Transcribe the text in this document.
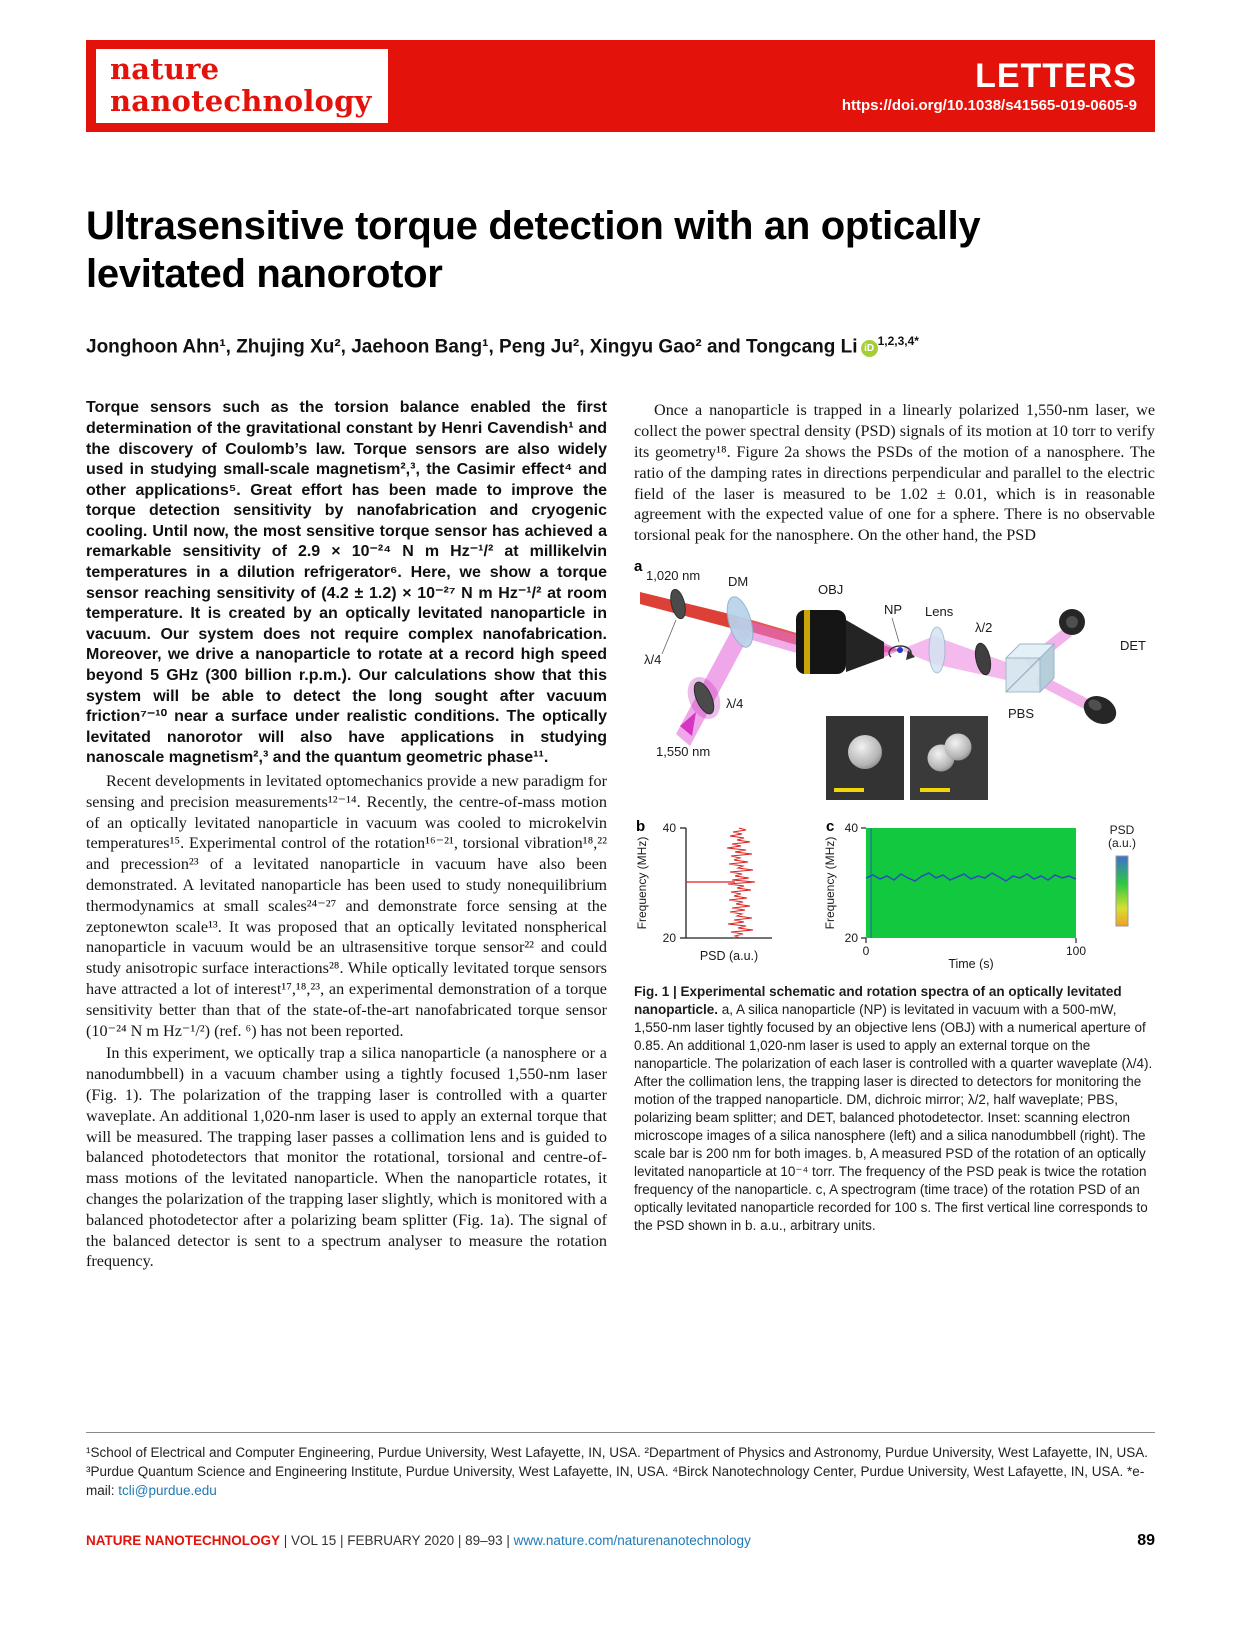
nature
nanotechnology
LETTERS
https://doi.org/10.1038/s41565-019-0605-9
Ultrasensitive torque detection with an optically levitated nanorotor
Jonghoon Ahn¹, Zhujing Xu², Jaehoon Bang¹, Peng Ju², Xingyu Gao² and Tongcang Li $iD^{1,2,3,4*}$

Torque sensors such as the torsion balance enabled the first determination of the gravitational constant by Henri Cavendish¹ and the discovery of Coulomb’s law. Torque sensors are also widely used in studying small-scale magnetism²,³, the Casimir effect⁴ and other applications⁵. Great effort has been made to improve the torque detection sensitivity by nanofabrication and cryogenic cooling. Until now, the most sensitive torque sensor has achieved a remarkable sensitivity of 2.9 × 10⁻²⁴ N m Hz⁻¹/² at millikelvin temperatures in a dilution refrigerator⁶. Here, we show a torque sensor reaching sensitivity of (4.2 ± 1.2) × 10⁻²⁷ N m Hz⁻¹/² at room temperature. It is created by an optically levitated nanoparticle in vacuum. Our system does not require complex nanofabrication. Moreover, we drive a nanoparticle to rotate at a record high speed beyond 5 GHz (300 billion r.p.m.). Our calculations show that this system will be able to detect the long sought after vacuum friction⁷⁻¹⁰ near a surface under realistic conditions. The optically levitated nanorotor will also have applications in studying nanoscale magnetism²,³ and the quantum geometric phase¹¹.

Recent developments in levitated optomechanics provide a new paradigm for sensing and precision measurements¹²⁻¹⁴. Recently, the centre-of-mass motion of an optically levitated nanoparticle in vacuum was cooled to microkelvin temperatures¹⁵. Experimental control of the rotation¹⁶⁻²¹, torsional vibration¹⁸,²² and precession²³ of a levitated nanoparticle in vacuum have also been demonstrated. A levitated nanoparticle has been used to study nonequilibrium thermodynamics at small scales²⁴⁻²⁷ and demonstrate force sensing at the zeptonewton scale¹³. It was proposed that an optically levitated nonspherical nanoparticle in vacuum would be an ultrasensitive torque sensor²² and could study anisotropic surface interactions²⁸. While optically levitated torque sensors have attracted a lot of interest¹⁷,¹⁸,²³, an experimental demonstration of a torque sensitivity better than that of the state-of-the-art nanofabricated torque sensor (10⁻²⁴ N m Hz⁻¹/²) (ref. ⁶) has not been reported.

In this experiment, we optically trap a silica nanoparticle (a nanosphere or a nanodumbbell) in a vacuum chamber using a tightly focused 1,550-nm laser (Fig. 1). The polarization of the trapping laser is controlled with a quarter waveplate. An additional 1,020-nm laser is used to apply an external torque that will be measured. The trapping laser passes a collimation lens and is guided to balanced photodetectors that monitor the rotational, torsional and centre-of-mass motions of the levitated nanoparticle. When the nanoparticle rotates, it changes the polarization of the trapping laser slightly, which is monitored with a balanced photodetector after a polarizing beam splitter (Fig. 1a). The signal of the balanced detector is sent to a spectrum analyser to measure the rotation frequency.

Once a nanoparticle is trapped in a linearly polarized 1,550-nm laser, we collect the power spectral density (PSD) signals of its motion at 10 torr to verify its geometry¹⁸. Figure 2a shows the PSDs of the motion of a nanosphere. The ratio of the damping rates in directions perpendicular and parallel to the electric field of the laser is measured to be 1.02 ± 0.01, which is in reasonable agreement with the expected value of one for a sphere. There is no observable torsional peak for the nanosphere. On the other hand, the PSD

a
1,020 nm DM
OBJ
NP Lens
λ/2
DET
λ/4
λ/4
1,550 nm
PBS
b
Frequency (MHz)
40
20
PSD (a.u.)
c
Frequency (MHz)
40
20
0	100
Time (s)
PSD
(a.u.)
Fig. 1 | Experimental schematic and rotation spectra of an optically levitated nanoparticle. a, A silica nanoparticle (NP) is levitated in vacuum with a 500-mW, 1,550-nm laser tightly focused by an objective lens (OBJ) with a numerical aperture of 0.85. An additional 1,020-nm laser is used to apply an external torque on the nanoparticle. The polarization of each laser is controlled with a quarter waveplate (λ/4). After the collimation lens, the trapping laser is directed to detectors for monitoring the motion of the trapped nanoparticle. DM, dichroic mirror; λ/2, half waveplate; PBS, polarizing beam splitter; and DET, balanced photodetector. Inset: scanning electron microscope images of a silica nanosphere (left) and a silica nanodumbbell (right). The scale bar is 200 nm for both images. b, A measured PSD of the rotation of an optically levitated nanoparticle at 10⁻⁴ torr. The frequency of the PSD peak is twice the rotation frequency of the nanoparticle. c, A spectrogram (time trace) of the rotation PSD of an optically levitated nanoparticle recorded for 100 s. The first vertical line corresponds to the PSD shown in b. a.u., arbitrary units.

¹School of Electrical and Computer Engineering, Purdue University, West Lafayette, IN, USA. ²Department of Physics and Astronomy, Purdue University, West Lafayette, IN, USA. ³Purdue Quantum Science and Engineering Institute, Purdue University, West Lafayette, IN, USA. ⁴Birck Nanotechnology Center, Purdue University, West Lafayette, IN, USA. *e-mail: tcli@purdue.edu

NATURE NANOTECHNOLOGY | VOL 15 | FEBRUARY 2020 | 89–93 | www.nature.com/naturenanotechnology	89
